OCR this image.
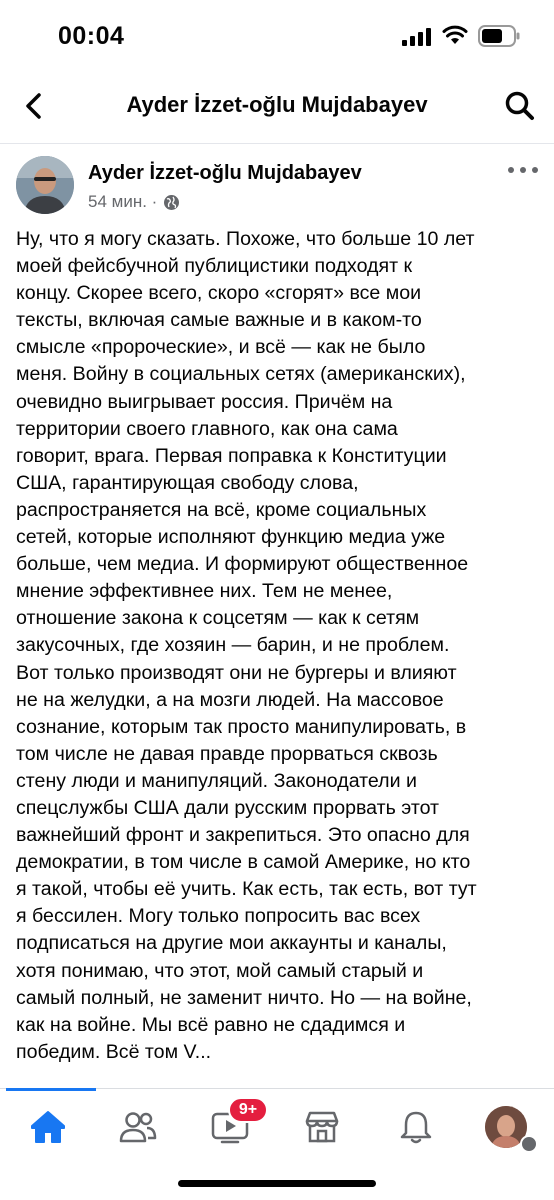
00:04
Ayder İzzet-oğlu Mujdabayev
Ayder İzzet-oğlu Mujdabayev
54 мин. ·
Ну, что я могу сказать. Похоже, что больше 10 лет
моей фейсбучной публицистики подходят к
концу. Скорее всего, скоро «сгорят» все мои
тексты, включая самые важные и в каком-то
смысле «пророческие», и всё — как не было
меня. Войну в социальных сетях (американских),
очевидно выигрывает россия. Причём на
территории своего главного, как она сама
говорит, врага. Первая поправка к Конституции
США, гарантирующая свободу слова,
распространяется на всё, кроме социальных
сетей, которые исполняют функцию медиа уже
больше, чем медиа. И формируют общественное
мнение эффективнее них. Тем не менее,
отношение закона к соцсетям — как к сетям
закусочных, где хозяин — барин, и не проблем.
Вот только производят они не бургеры и влияют
не на желудки, а на мозги людей. На массовое
сознание, которым так просто манипулировать, в
том числе не давая правде прорваться сквозь
стену люди и манипуляций. Законодатели и
спецслужбы США дали русским прорвать этот
важнейший фронт и закрепиться. Это опасно для
демократии, в том числе в самой Америке, но кто
я такой, чтобы её учить. Как есть, так есть, вот тут
я бессилен. Могу только попросить вас всех
подписаться на другие мои аккаунты и каналы,
хотя понимаю, что этот, мой самый старый и
самый полный, не заменит ничто. Но — на войне,
как на войне. Мы всё равно не сдадимся и
победим. Всё том V...
9+
